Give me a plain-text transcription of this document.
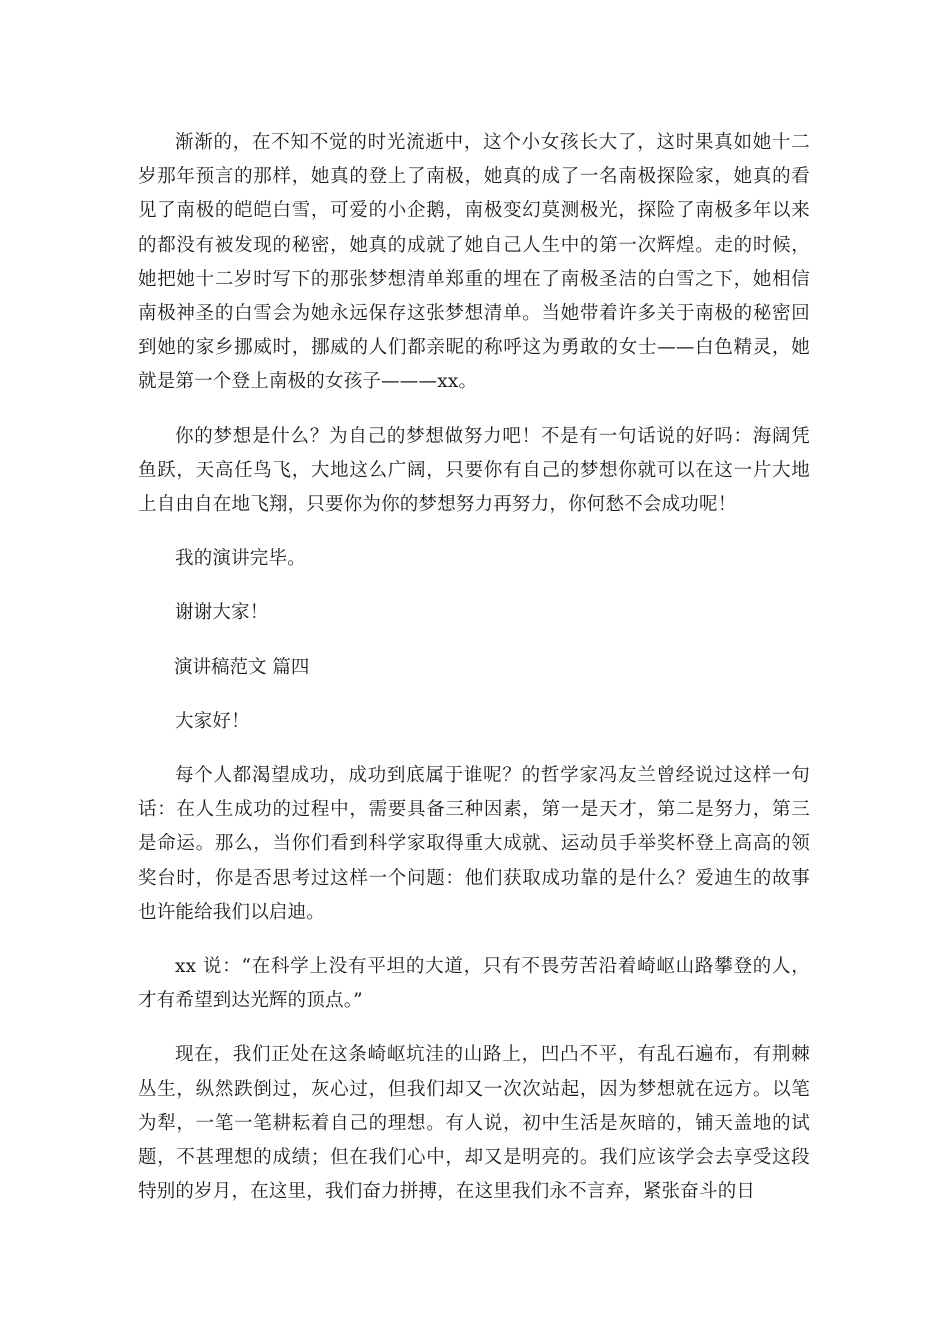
渐渐的，在不知不觉的时光流逝中，这个小女孩长大了，这时果真如她十二岁那年预言的那样，她真的登上了南极，她真的成了一名南极探险家，她真的看见了南极的皑皑白雪，可爱的小企鹅，南极变幻莫测极光，探险了南极多年以来的都没有被发现的秘密，她真的成就了她自己人生中的第一次辉煌。走的时候，她把她十二岁时写下的那张梦想清单郑重的埋在了南极圣洁的白雪之下，她相信南极神圣的白雪会为她永远保存这张梦想清单。当她带着许多关于南极的秘密回到她的家乡挪威时，挪威的人们都亲昵的称呼这为勇敢的女士——白色精灵，她就是第一个登上南极的女孩子———xx。

你的梦想是什么？为自己的梦想做努力吧！不是有一句话说的好吗：海阔凭鱼跃，天高任鸟飞，大地这么广阔，只要你有自己的梦想你就可以在这一片大地上自由自在地飞翔，只要你为你的梦想努力再努力，你何愁不会成功呢！

我的演讲完毕。

谢谢大家！

演讲稿范文 篇四

大家好！

每个人都渴望成功，成功到底属于谁呢？的哲学家冯友兰曾经说过这样一句话：在人生成功的过程中，需要具备三种因素，第一是天才，第二是努力，第三是命运。那么，当你们看到科学家取得重大成就、运动员手举奖杯登上高高的领奖台时，你是否思考过这样一个问题：他们获取成功靠的是什么？爱迪生的故事也许能给我们以启迪。

xx 说：“在科学上没有平坦的大道，只有不畏劳苦沿着崎岖山路攀登的人，才有希望到达光辉的顶点。”

现在，我们正处在这条崎岖坑洼的山路上，凹凸不平，有乱石遍布，有荆棘丛生，纵然跌倒过，灰心过，但我们却又一次次站起，因为梦想就在远方。以笔为犁，一笔一笔耕耘着自己的理想。有人说，初中生活是灰暗的，铺天盖地的试题，不甚理想的成绩；但在我们心中，却又是明亮的。我们应该学会去享受这段特别的岁月，在这里，我们奋力拼搏，在这里我们永不言弃，紧张奋斗的日
